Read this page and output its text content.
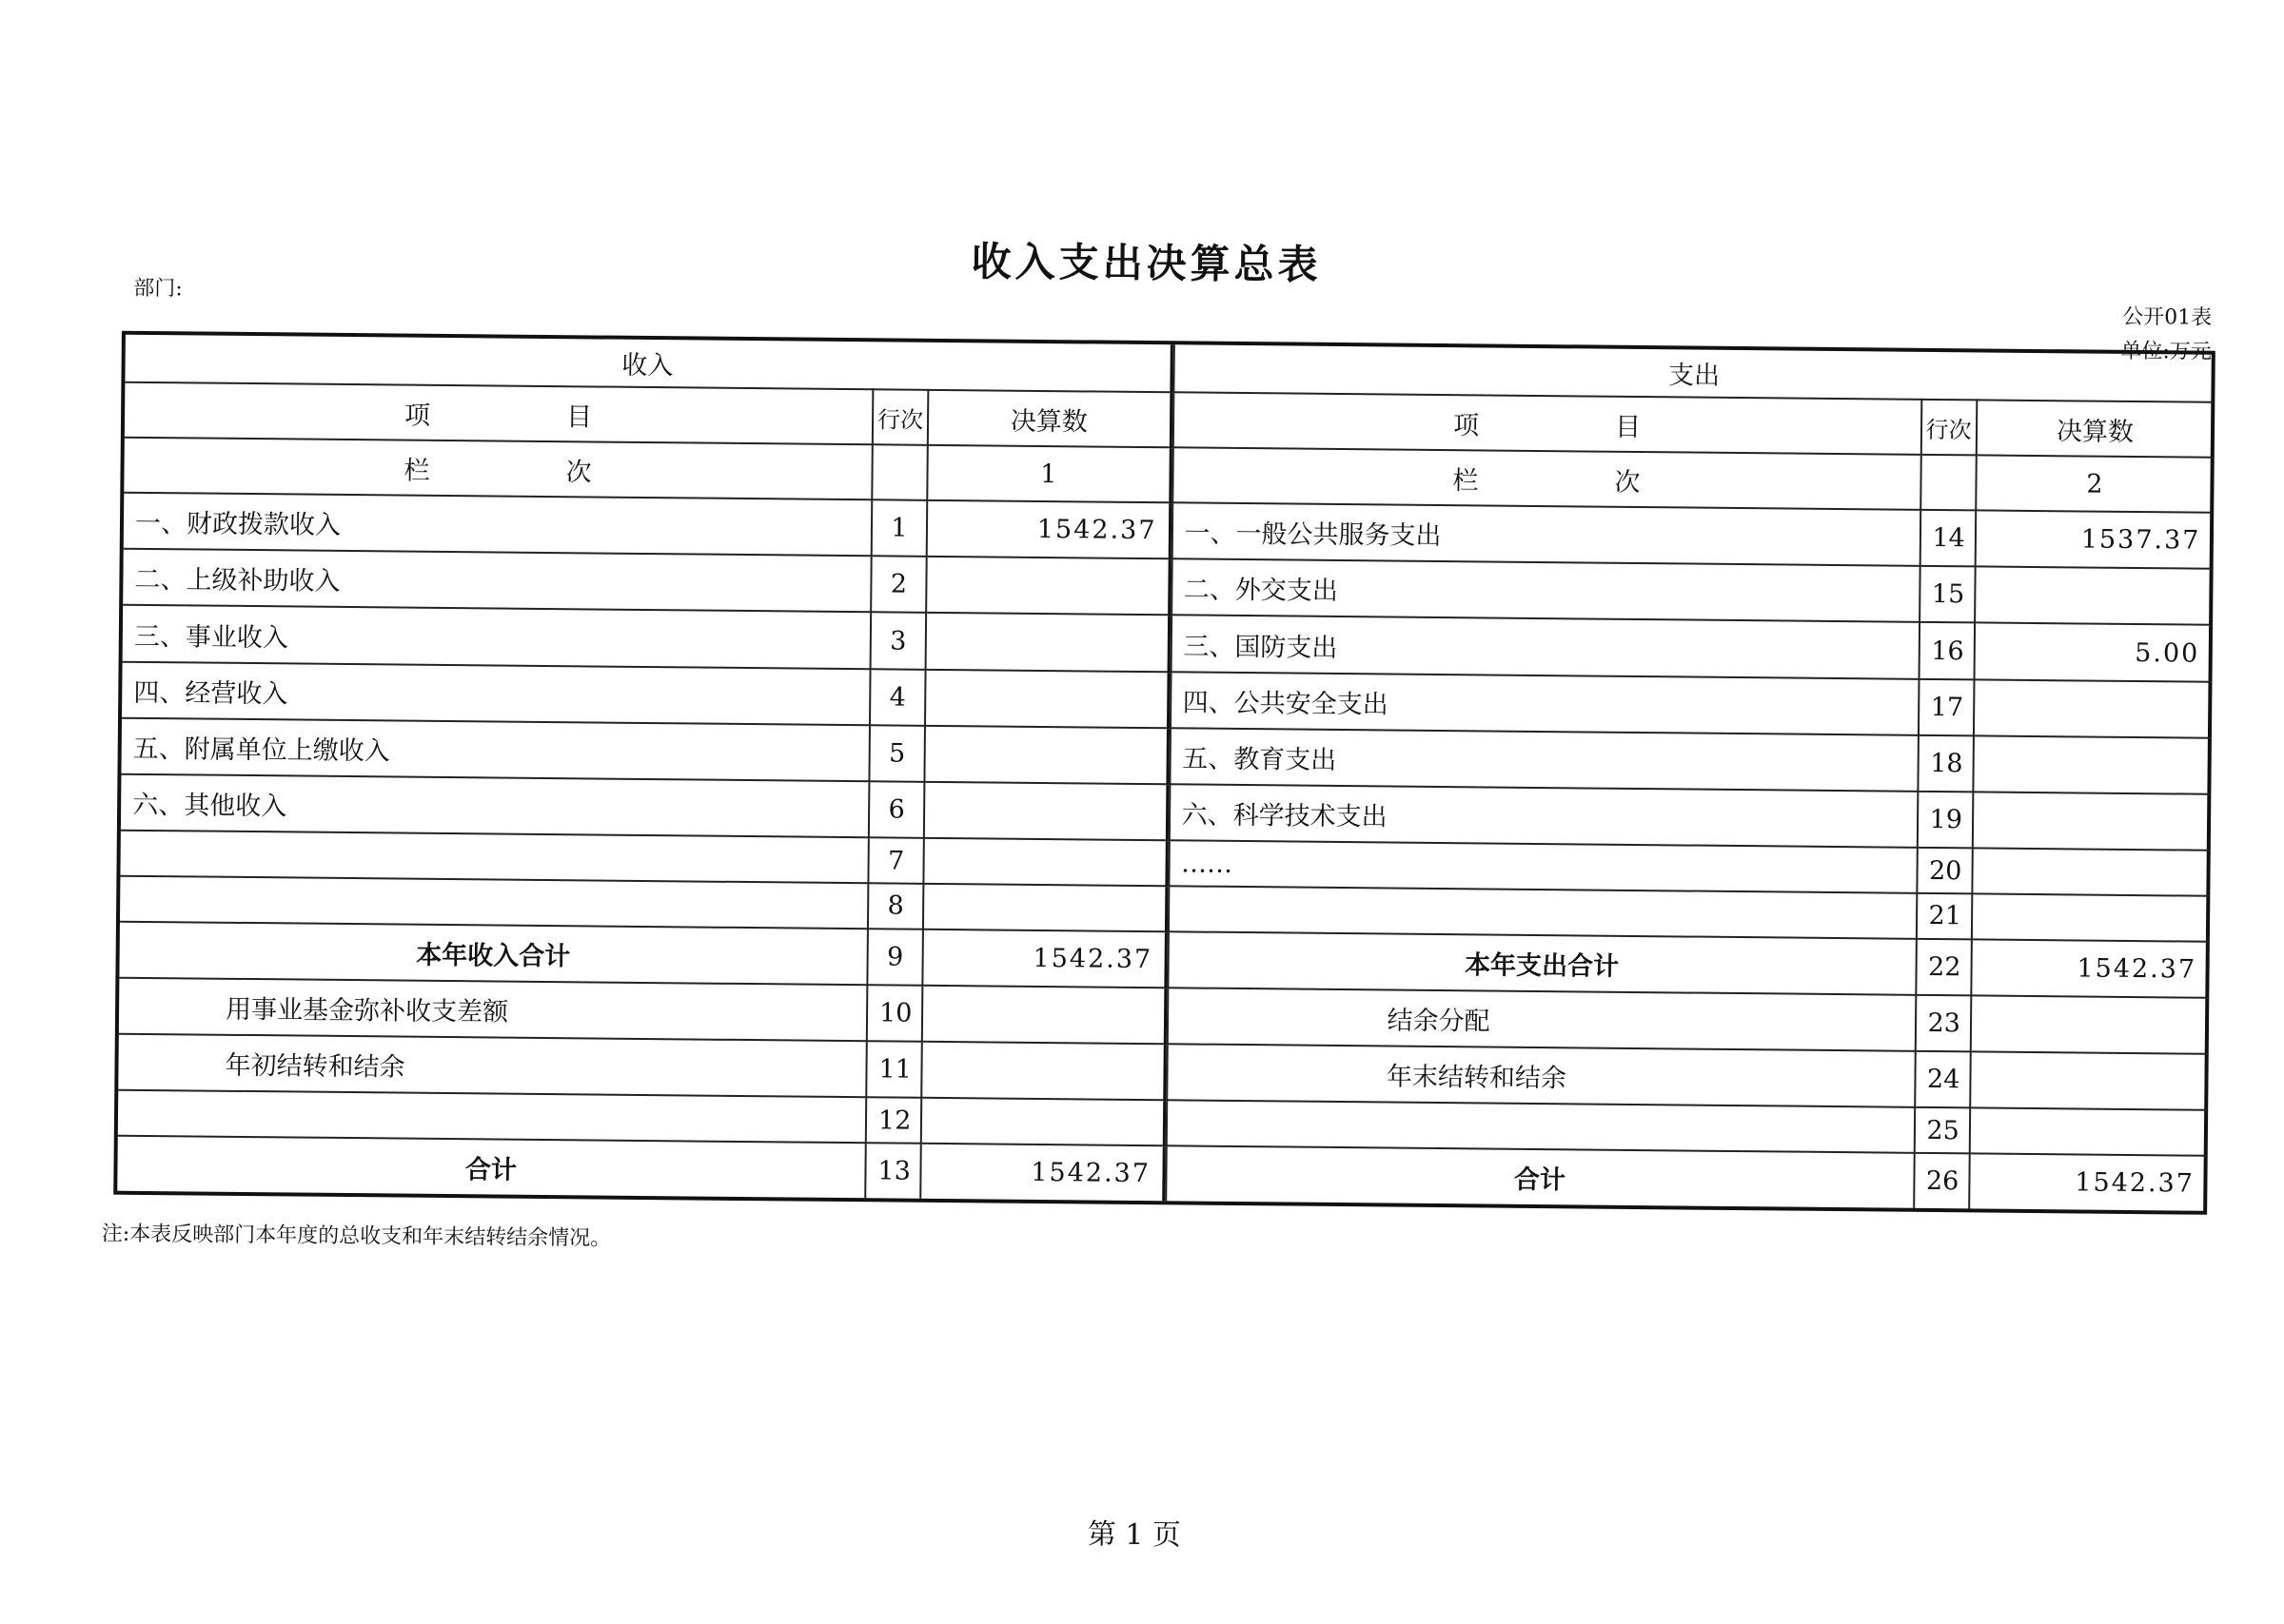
收入支出决算总表
部门:
公开01表
单位:万元
收入		
项　目	行次	决算数
栏　次		1
一、财政拨款收入	1	1542.37
二、上级补助收入	2	
三、事业收入	3	
四、经营收入	4	
五、附属单位上缴收入	5	
六、其他收入	6	
	7	
	8	
本年收入合计	9	1542.37
用事业基金弥补收支差额	10	
年初结转和结余	11	
	12	
合计	13	1542.37
支出		
项　目	行次	决算数
栏　次		2
一、一般公共服务支出	14	1537.37
二、外交支出	15	
三、国防支出	16	5.00
四、公共安全支出	17	
五、教育支出	18	
六、科学技术支出	19	
……	20	
	21	
本年支出合计	22	1542.37
结余分配	23	
年末结转和结余	24	
	25	
合计	26	1542.37
注:本表反映部门本年度的总收支和年末结转结余情况。
第 1 页
